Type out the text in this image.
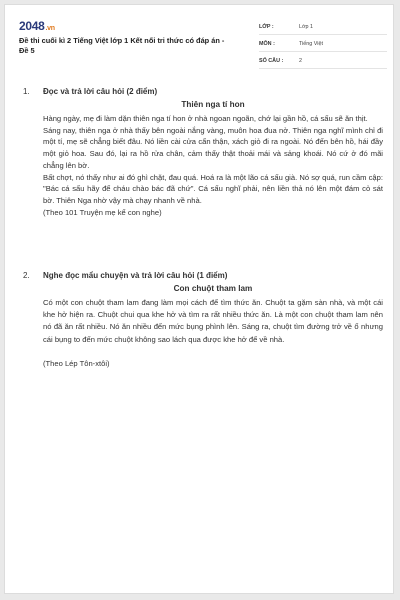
2048.vn
Đề thi cuối kì 2 Tiếng Việt lớp 1 Kết nối tri thức có đáp án - Đề 5
LỚP :	Lớp 1
MÔN :	Tiếng Việt
SỐ CÂU :	2
1. Đọc và trả lời câu hỏi (2 điểm)
Thiên nga tí hon

Hàng ngày, mẹ đi làm dặn thiên nga tí hon ở nhà ngoan ngoãn, chớ lại gần hồ, cá sấu sẽ ăn thịt.

Sáng nay, thiên nga ở nhà thấy bên ngoài nắng vàng, muôn hoa đua nở. Thiên nga nghĩ mình chỉ đi một tí, mẹ sẽ chẳng biết đâu. Nó liền cài cửa cẩn thận, xách giỏ đi ra ngoài. Nó đến bên hồ, hái đầy một giỏ hoa. Sau đó, lại ra hồ rửa chân, cảm thấy thật thoải mái và sảng khoái. Nó cứ ở đó mãi chẳng lên bờ.

Bất chợt, nó thấy như ai đó ghì chặt, đau quá. Hoá ra là một lão cá sấu già. Nó sợ quá, run cầm cập: "Bác cá sấu hãy để cháu chào bác đã chứ". Cá sấu nghĩ phải, nên liền thả nó lên một đám cỏ sát bờ. Thiên Nga nhờ vậy mà chạy nhanh về nhà.

(Theo 101 Truyện mẹ kể con nghe)

2. Nghe đọc mẩu chuyện và trả lời câu hỏi (1 điểm)
Con chuột tham lam

Có một con chuột tham lam đang làm mọi cách để tìm thức ăn. Chuột ta gặm sàn nhà, và một cái khe hở hiện ra. Chuột chui qua khe hở và tìm ra rất nhiều thức ăn. Là một con chuột tham lam nên nó đã ăn rất nhiều. Nó ăn nhiều đến mức bụng phình lên. Sáng ra, chuột tìm đường trở về ổ nhưng cái bụng to đến mức chuột không sao lách qua được khe hở để về nhà.

(Theo Lép Tôn-xtôi)
